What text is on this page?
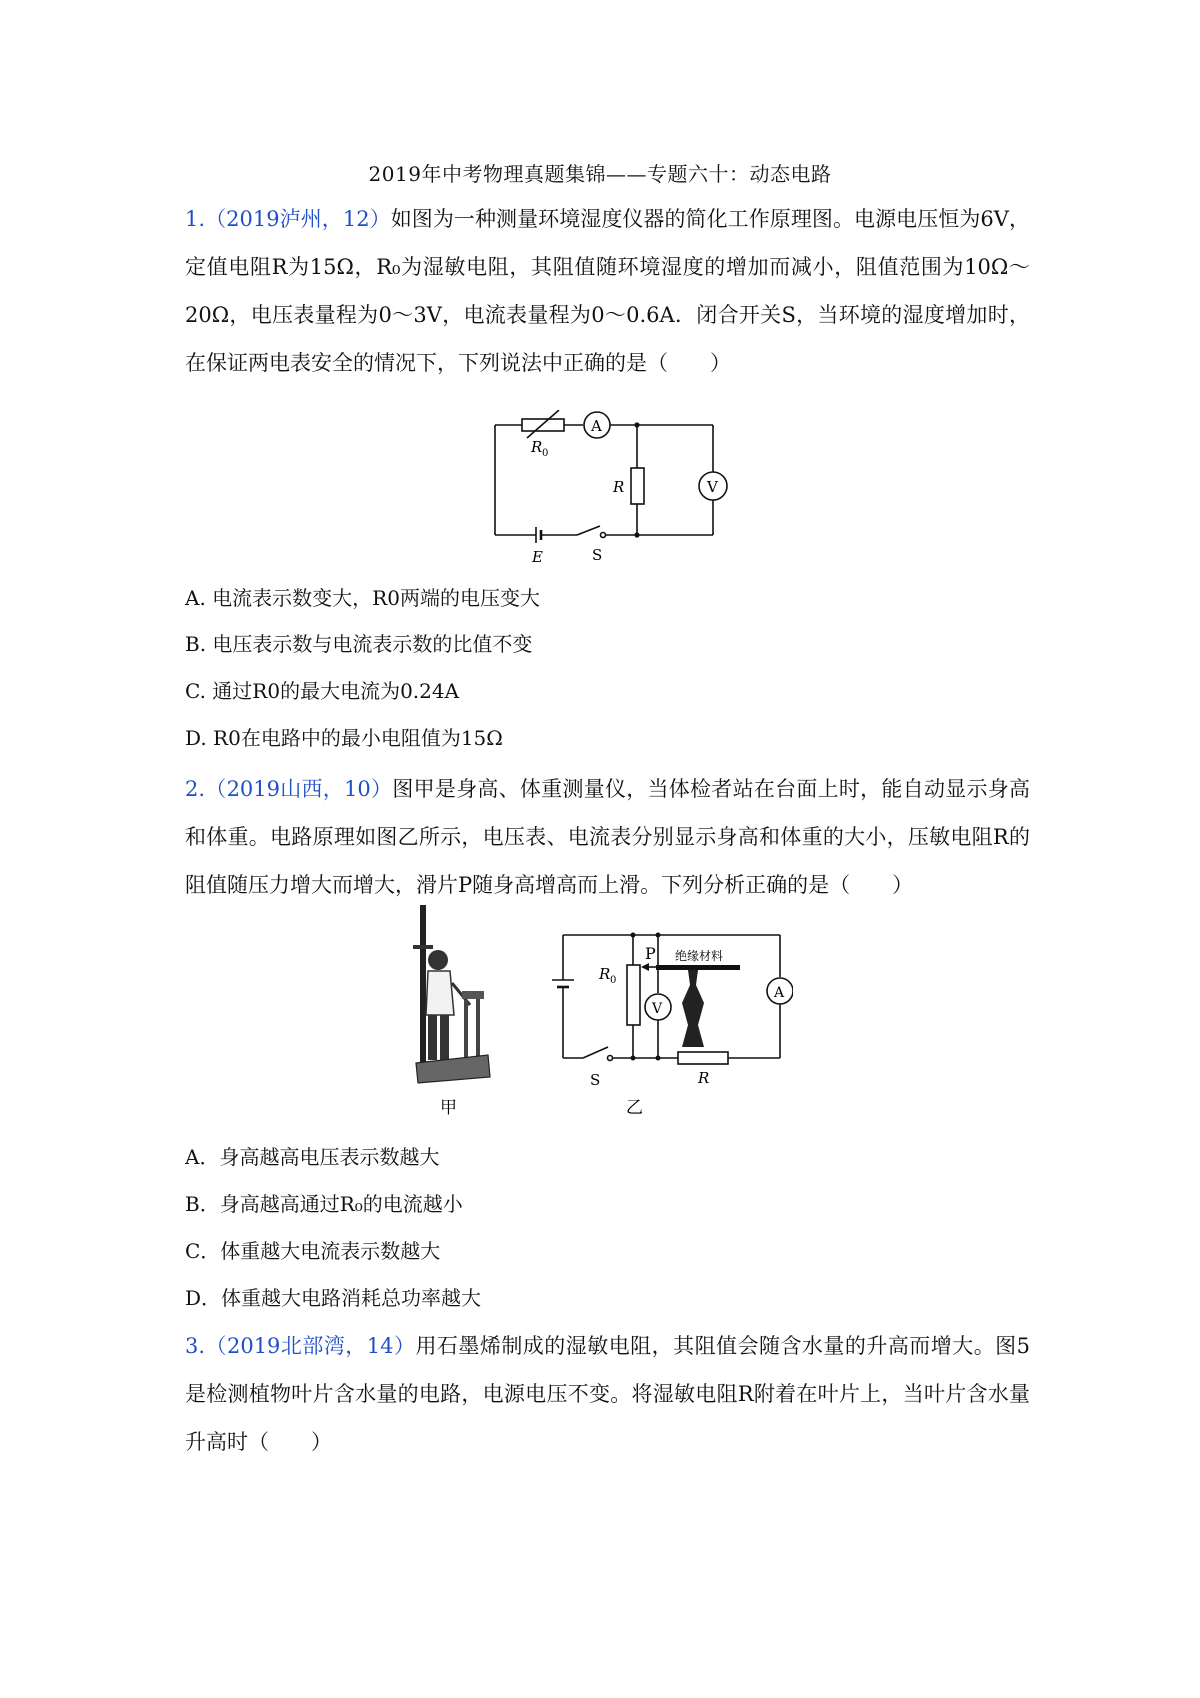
2019年中考物理真题集锦——专题六十：动态电路
1.（2019泸州，12）如图为一种测量环境湿度仪器的简化工作原理图。电源电压恒为6V，定值电阻R为15Ω，R₀为湿敏电阻，其阻值随环境湿度的增加而减小，阻值范围为10Ω～20Ω，电压表量程为0～3V，电流表量程为0～0.6A．闭合开关S，当环境的湿度增加时，在保证两电表安全的情况下，下列说法中正确的是（　　）
A
V
R 0
R
E	S
A. 电流表示数变大，R0两端的电压变大
B. 电压表示数与电流表示数的比值不变
C. 通过R0的最大电流为0.24A
D. R0在电路中的最小电阻值为15Ω
2.（2019山西，10）图甲是身高、体重测量仪，当体检者站在台面上时，能自动显示身高和体重。电路原理如图乙所示，电压表、电流表分别显示身高和体重的大小，压敏电阻R的阻值随压力增大而增大，滑片P随身高增高而上滑。下列分析正确的是（　　）
甲
R 0
P 绝缘材料
A
V
S	R
乙
A．身高越高电压表示数越大
B．身高越高通过R₀的电流越小
C．体重越大电流表示数越大
D．体重越大电路消耗总功率越大
3.（2019北部湾，14）用石墨烯制成的湿敏电阻，其阻值会随含水量的升高而增大。图5是检测植物叶片含水量的电路，电源电压不变。将湿敏电阻R附着在叶片上，当叶片含水量升高时（　　）
